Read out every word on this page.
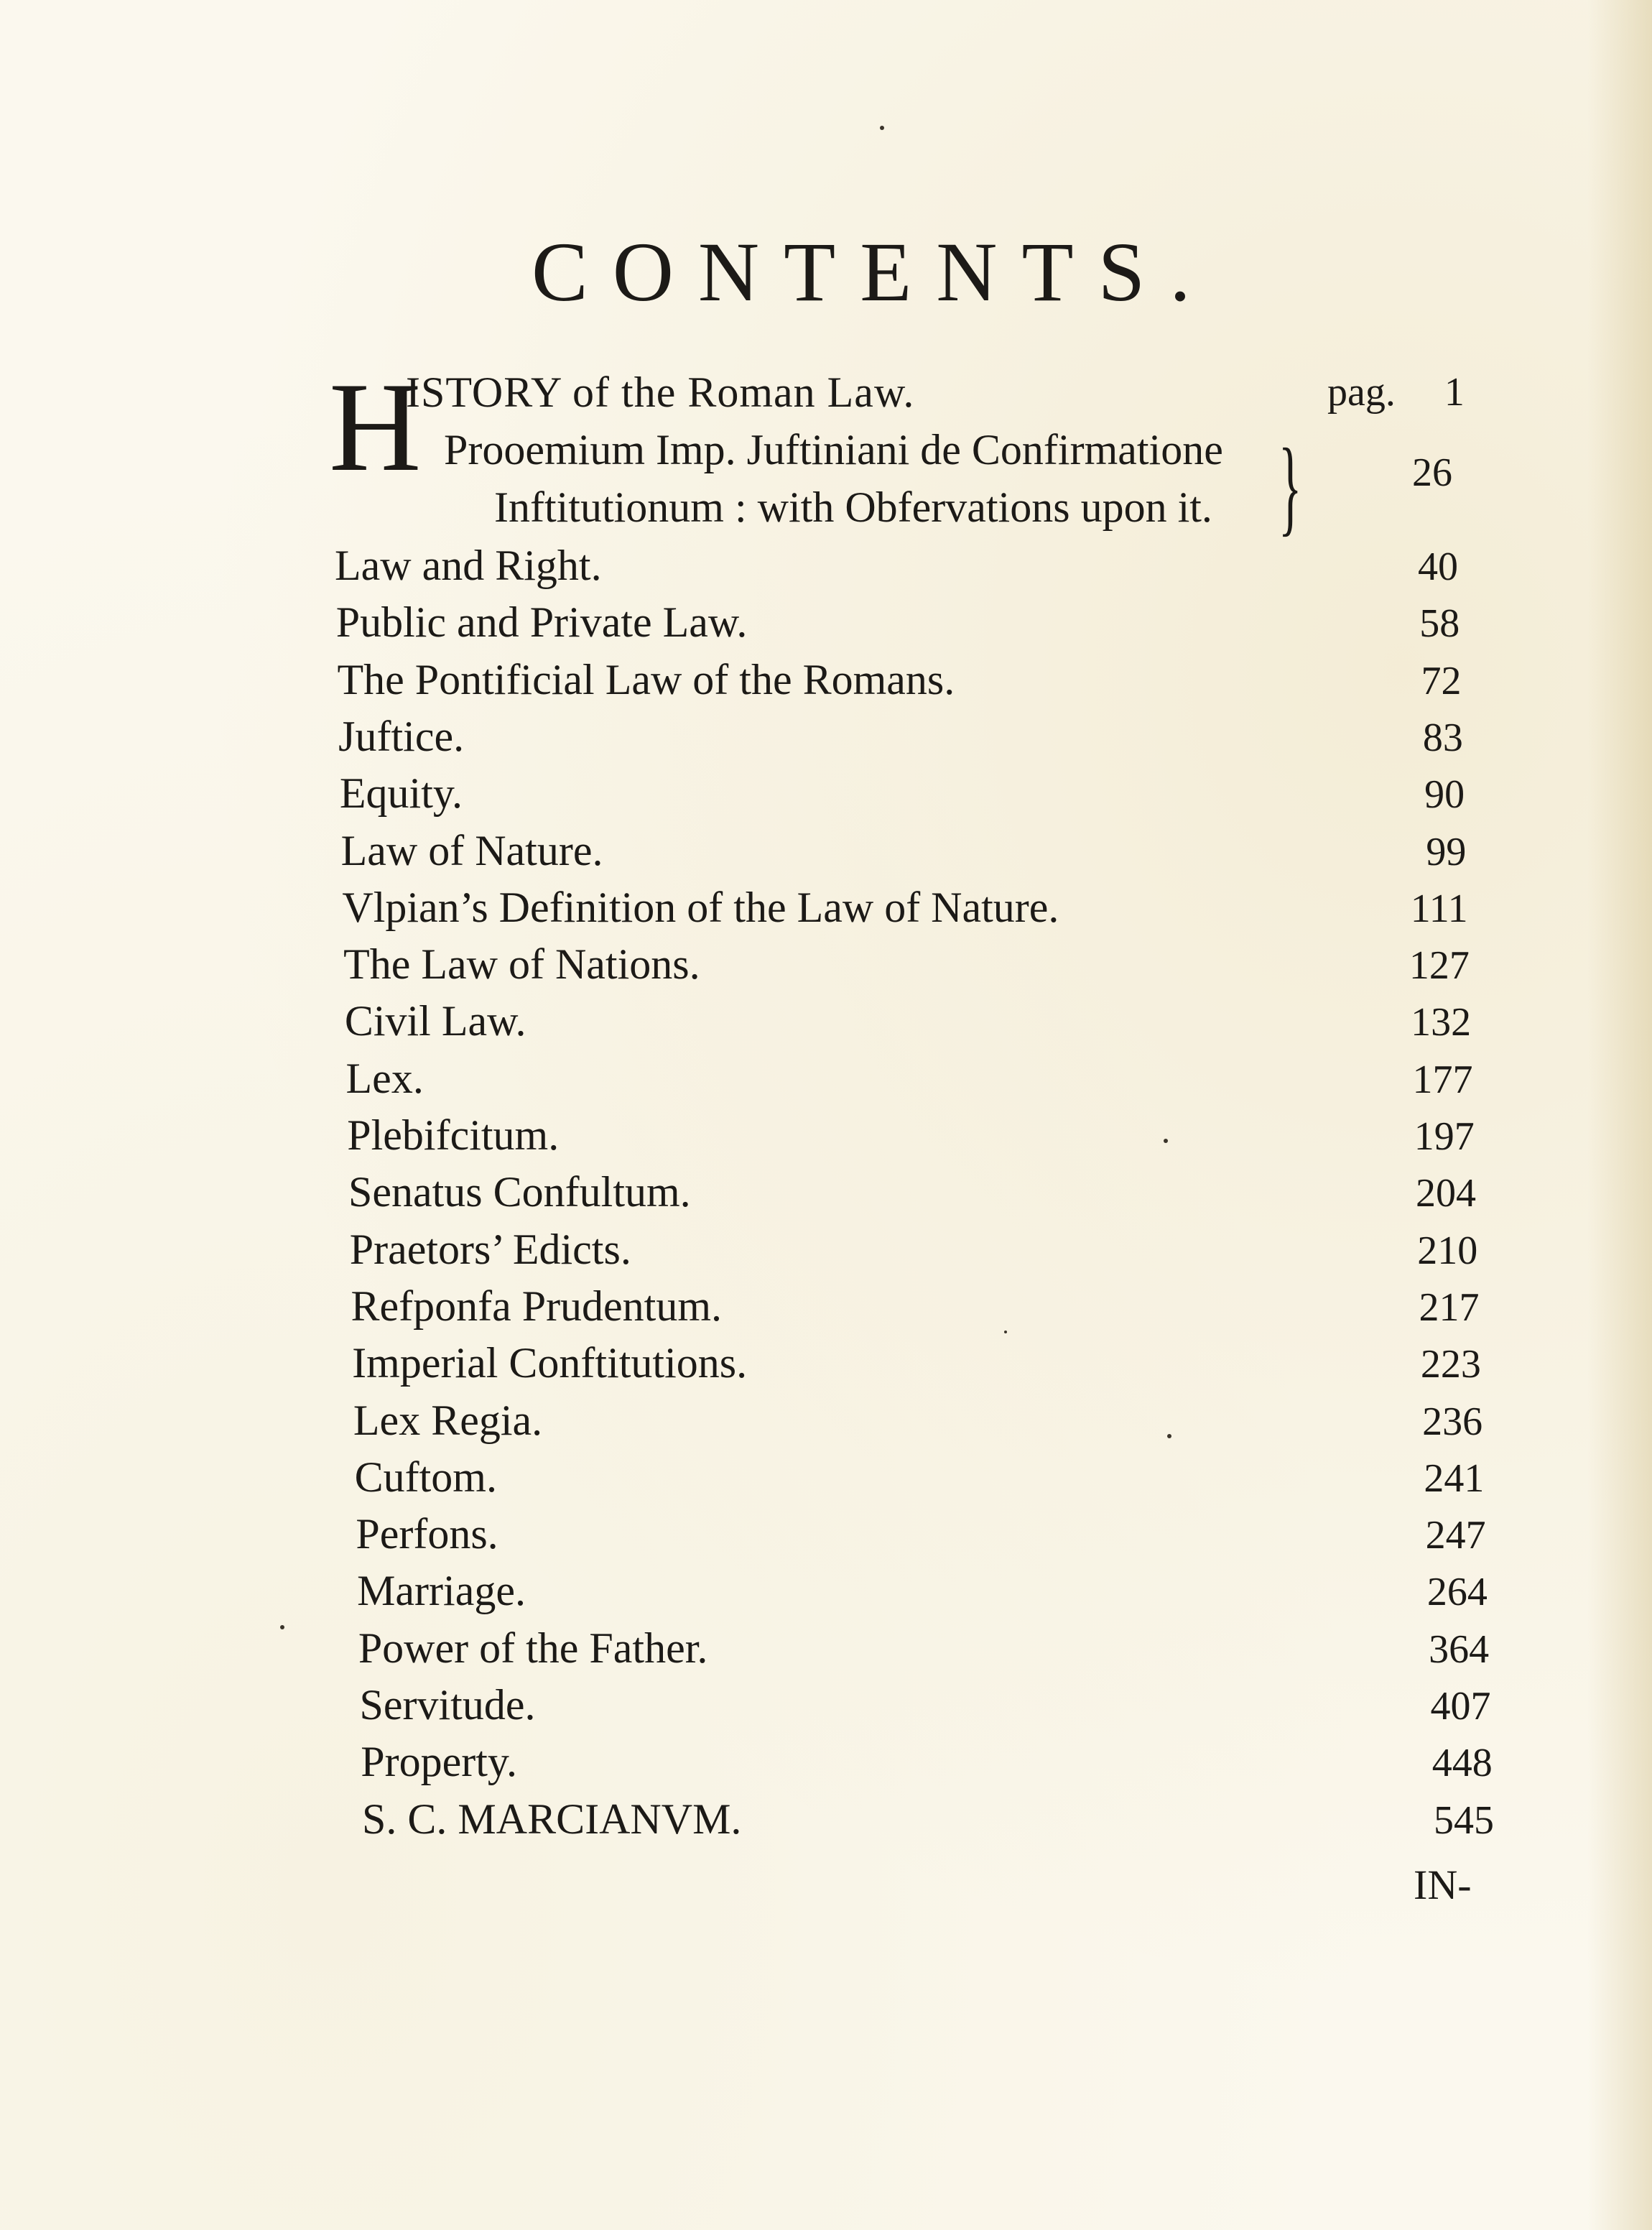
CONTENTS.
H
ISTORY of the Roman Law.	pag. 1
Prooemium Imp. Juftiniani de Confirmatione
Inftitutionum : with Obfervations upon it. }	26
Law and Right.	40
Public and Private Law.	58
The Pontificial Law of the Romans.	72
Juftice.	83
Equity.	90
Law of Nature.	99
Vlpian’s Definition of the Law of Nature.	111
The Law of Nations.	127
Civil Law.	132
Lex.	177
Plebifcitum.	197
Senatus Confultum.	204
Praetors’ Edicts.	210
Refponfa Prudentum.	217
Imperial Conftitutions.	223
Lex Regia.	236
Cuftom.	241
Perfons.	247
Marriage.	264
Power of the Father.	364
Servitude.	407
Property.	448
S. C. MARCIANVM.	545
IN-
